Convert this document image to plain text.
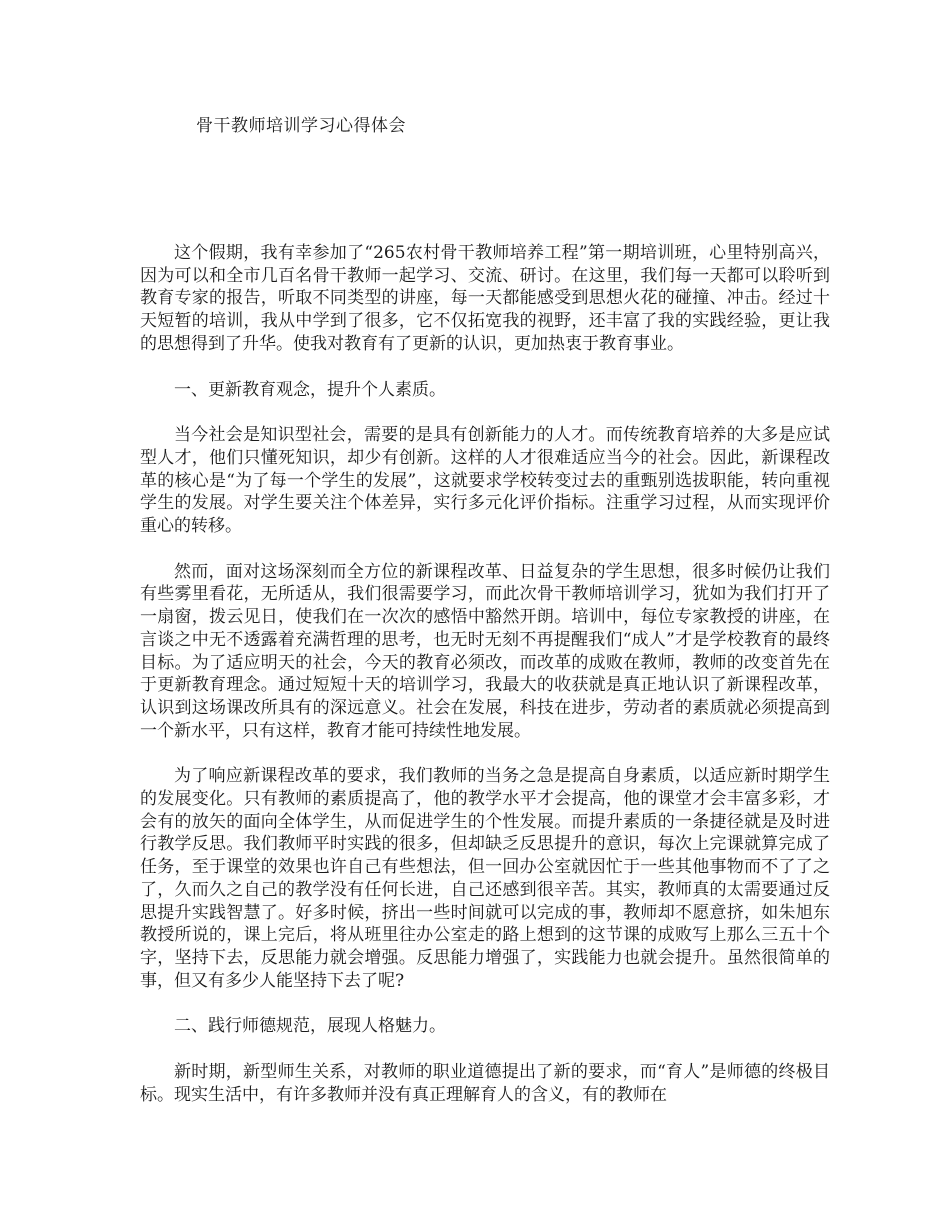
骨干教师培训学习心得体会

这个假期，我有幸参加了“265农村骨干教师培养工程”第一期培训班，心里特别高兴，因为可以和全市几百名骨干教师一起学习、交流、研讨。在这里，我们每一天都可以聆听到教育专家的报告，听取不同类型的讲座，每一天都能感受到思想火花的碰撞、冲击。经过十天短暂的培训，我从中学到了很多，它不仅拓宽我的视野，还丰富了我的实践经验，更让我的思想得到了升华。使我对教育有了更新的认识，更加热衷于教育事业。

一、更新教育观念，提升个人素质。

当今社会是知识型社会，需要的是具有创新能力的人才。而传统教育培养的大多是应试型人才，他们只懂死知识，却少有创新。这样的人才很难适应当今的社会。因此，新课程改革的核心是“为了每一个学生的发展”，这就要求学校转变过去的重甄别选拔职能，转向重视学生的发展。对学生要关注个体差异，实行多元化评价指标。注重学习过程，从而实现评价重心的转移。

然而，面对这场深刻而全方位的新课程改革、日益复杂的学生思想，很多时候仍让我们有些雾里看花，无所适从，我们很需要学习，而此次骨干教师培训学习，犹如为我们打开了一扇窗，拨云见日，使我们在一次次的感悟中豁然开朗。培训中，每位专家教授的讲座，在言谈之中无不透露着充满哲理的思考，也无时无刻不再提醒我们“成人”才是学校教育的最终目标。为了适应明天的社会，今天的教育必须改，而改革的成败在教师，教师的改变首先在于更新教育理念。通过短短十天的培训学习，我最大的收获就是真正地认识了新课程改革，认识到这场课改所具有的深远意义。社会在发展，科技在进步，劳动者的素质就必须提高到一个新水平，只有这样，教育才能可持续性地发展。

为了响应新课程改革的要求，我们教师的当务之急是提高自身素质，以适应新时期学生的发展变化。只有教师的素质提高了，他的教学水平才会提高，他的课堂才会丰富多彩，才会有的放矢的面向全体学生，从而促进学生的个性发展。而提升素质的一条捷径就是及时进行教学反思。我们教师平时实践的很多，但却缺乏反思提升的意识，每次上完课就算完成了任务，至于课堂的效果也许自己有些想法，但一回办公室就因忙于一些其他事物而不了了之了，久而久之自己的教学没有任何长进，自己还感到很辛苦。其实，教师真的太需要通过反思提升实践智慧了。好多时候，挤出一些时间就可以完成的事，教师却不愿意挤，如朱旭东教授所说的，课上完后，将从班里往办公室走的路上想到的这节课的成败写上那么三五十个字，坚持下去，反思能力就会增强。反思能力增强了，实践能力也就会提升。虽然很简单的事，但又有多少人能坚持下去了呢?

二、践行师德规范，展现人格魅力。

新时期，新型师生关系，对教师的职业道德提出了新的要求，而“育人”是师德的终极目标。现实生活中，有许多教师并没有真正理解育人的含义，有的教师在
